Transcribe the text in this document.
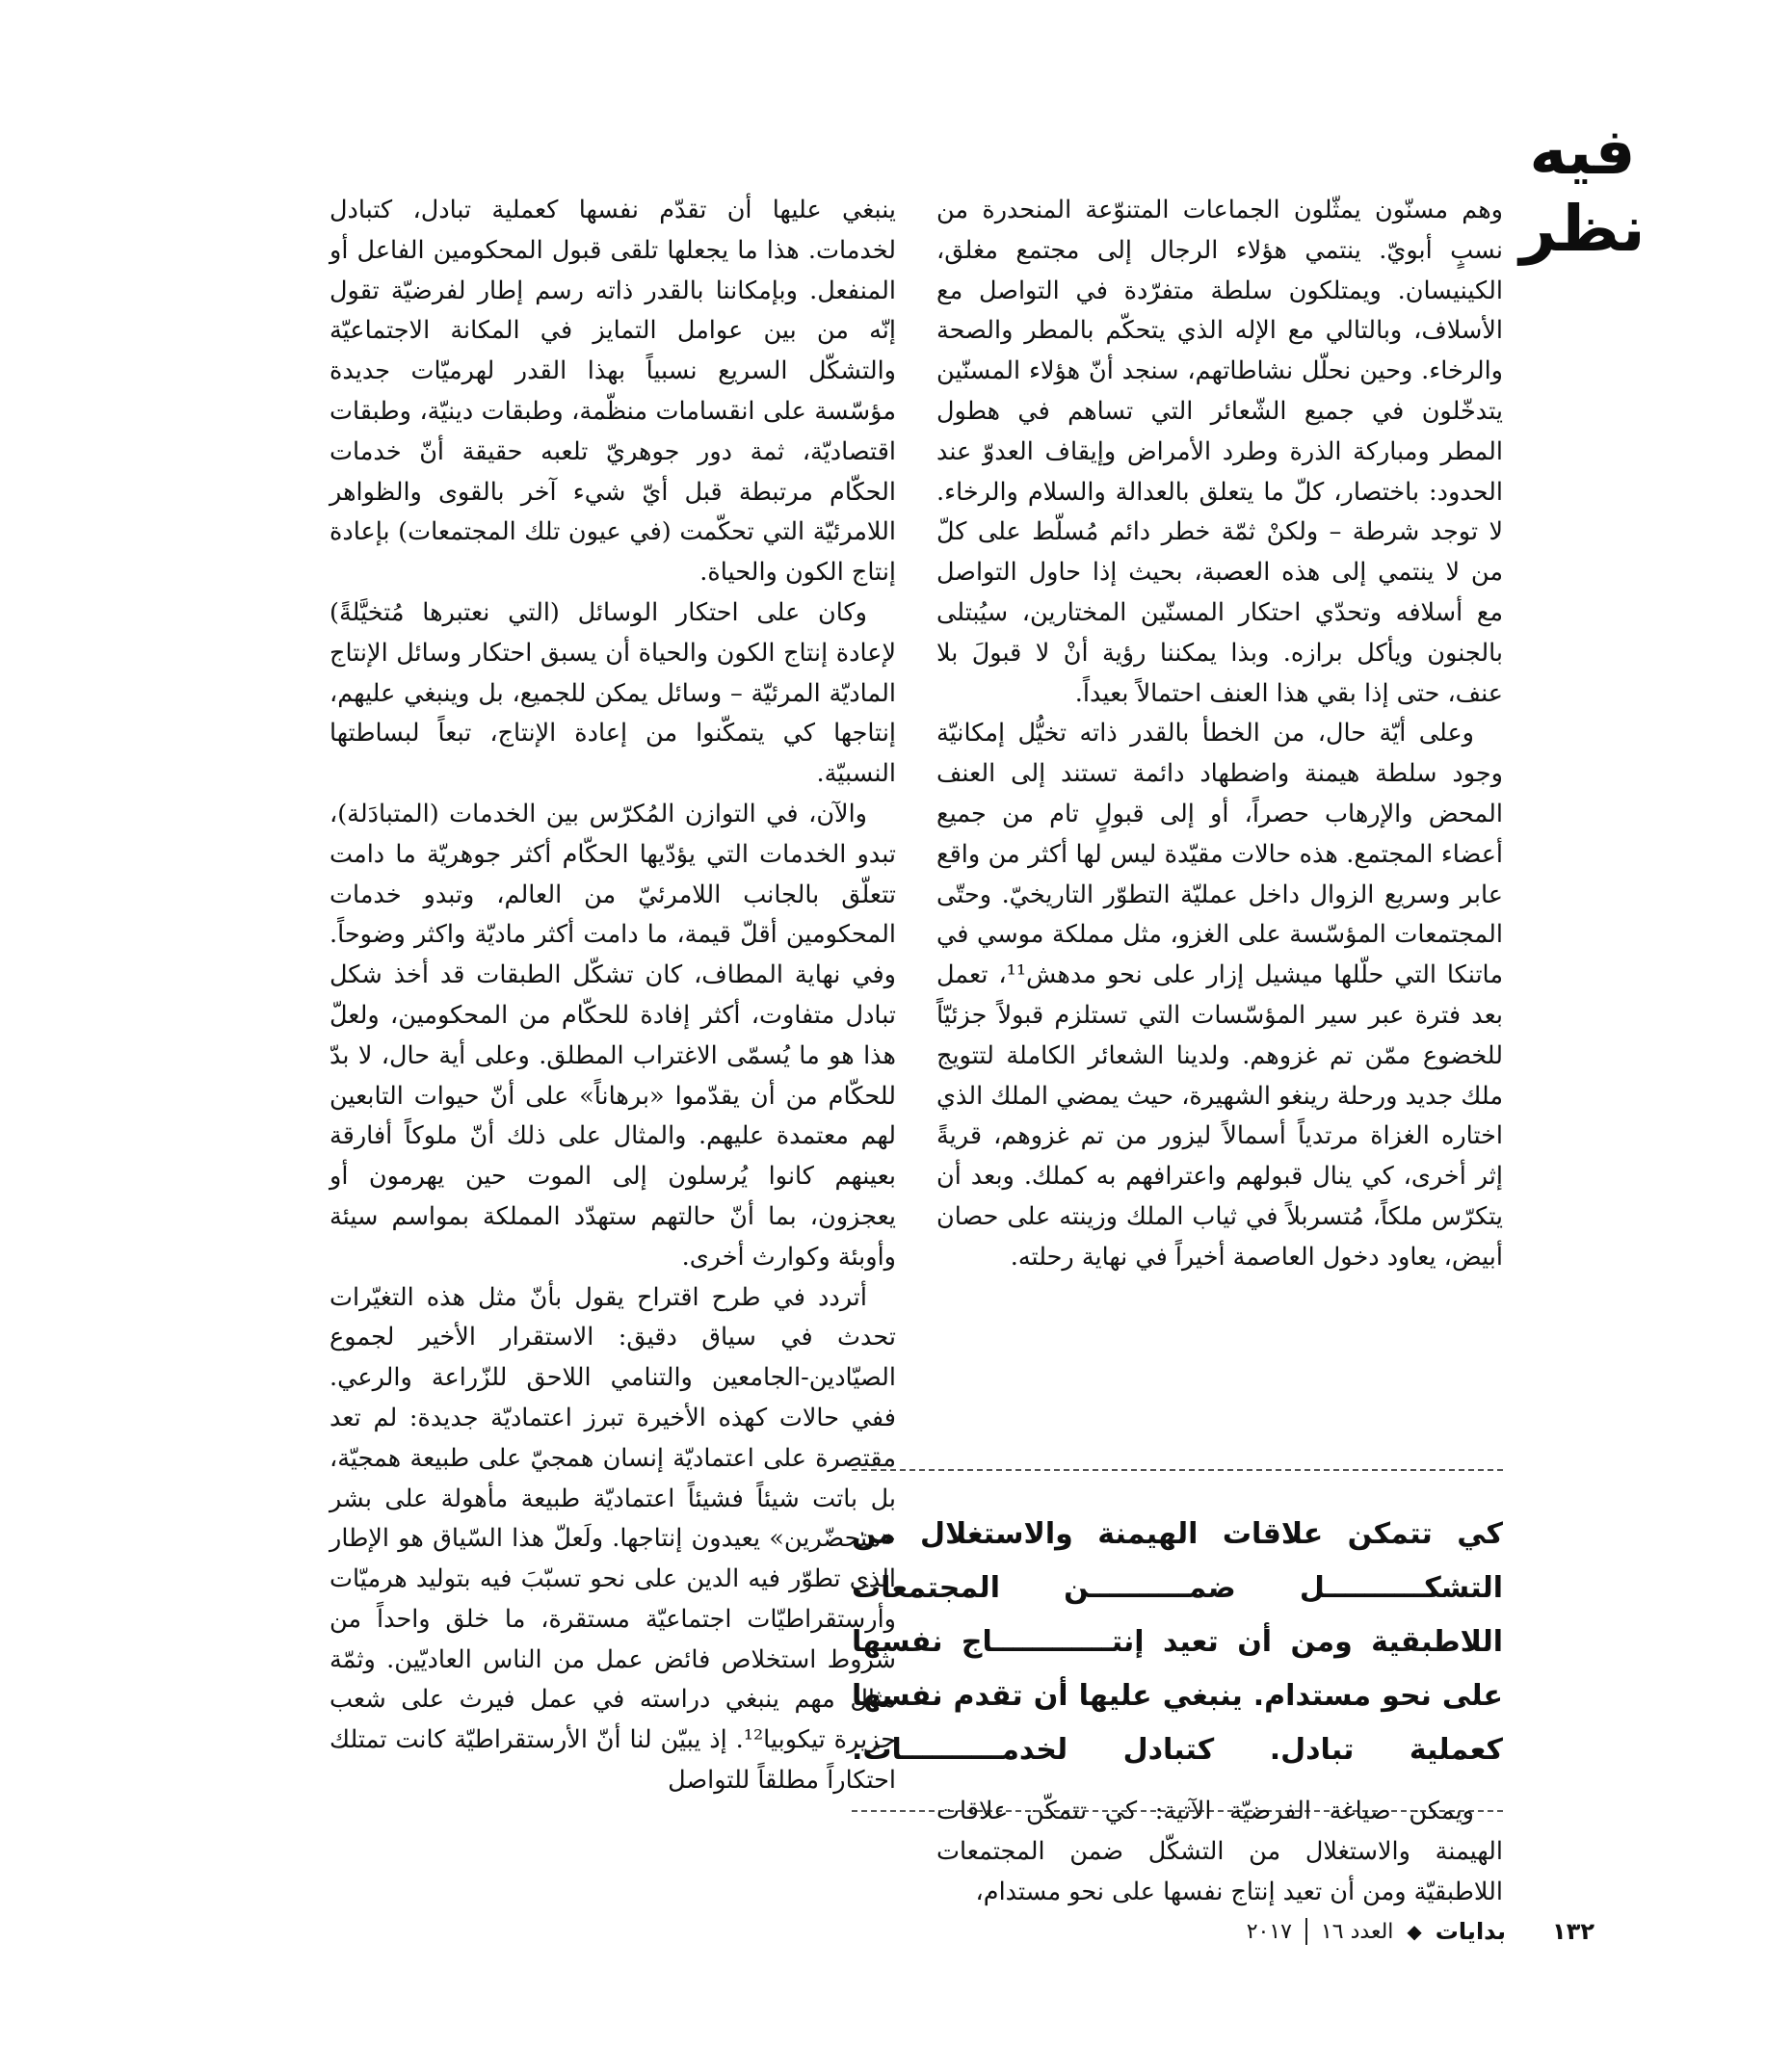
فيه نظر

وهم مسنّون يمثّلون الجماعات المتنوّعة المنحدرة من نسبٍ أبويّ. ينتمي هؤلاء الرجال إلى مجتمع مغلق، الكينيسان. ويمتلكون سلطة متفرّدة في التواصل مع الأسلاف، وبالتالي مع الإله الذي يتحكّم بالمطر والصحة والرخاء. وحين نحلّل نشاطاتهم، سنجد أنّ هؤلاء المسنّين يتدخّلون في جميع الشّعائر التي تساهم في هطول المطر ومباركة الذرة وطرد الأمراض وإيقاف العدوّ عند الحدود: باختصار، كلّ ما يتعلق بالعدالة والسلام والرخاء. لا توجد شرطة – ولكنْ ثمّة خطر دائم مُسلّط على كلّ من لا ينتمي إلى هذه العصبة، بحيث إذا حاول التواصل مع أسلافه وتحدّي احتكار المسنّين المختارين، سيُبتلى بالجنون ويأكل برازه. وبذا يمكننا رؤية أنْ لا قبولَ بلا عنف، حتى إذا بقي هذا العنف احتمالاً بعيداً.

وعلى أيّة حال، من الخطأ بالقدر ذاته تخيُّل إمكانيّة وجود سلطة هيمنة واضطهاد دائمة تستند إلى العنف المحض والإرهاب حصراً، أو إلى قبولٍ تام من جميع أعضاء المجتمع. هذه حالات مقيّدة ليس لها أكثر من واقع عابر وسريع الزوال داخل عمليّة التطوّر التاريخيّ. وحتّى المجتمعات المؤسّسة على الغزو، مثل مملكة موسي في ماتنكا التي حلّلها ميشيل إزار على نحو مدهش¹¹، تعمل بعد فترة عبر سير المؤسّسات التي تستلزم قبولاً جزئيّاً للخضوع ممّن تم غزوهم. ولدينا الشعائر الكاملة لتتويج ملك جديد ورحلة رينغو الشهيرة، حيث يمضي الملك الذي اختاره الغزاة مرتدياً أسمالاً ليزور من تم غزوهم، قريةً إثر أخرى، كي ينال قبولهم واعترافهم به كملك. وبعد أن يتكرّس ملكاً، مُتسربلاً في ثياب الملك وزينته على حصان أبيض، يعاود دخول العاصمة أخيراً في نهاية رحلته.

ينبغي عليها أن تقدّم نفسها كعملية تبادل، كتبادل لخدمات. هذا ما يجعلها تلقى قبول المحكومين الفاعل أو المنفعل. وبإمكاننا بالقدر ذاته رسم إطار لفرضيّة تقول إنّه من بين عوامل التمايز في المكانة الاجتماعيّة والتشكّل السريع نسبياً بهذا القدر لهرميّات جديدة مؤسّسة على انقسامات منظّمة، وطبقات دينيّة، وطبقات اقتصاديّة، ثمة دور جوهريّ تلعبه حقيقة أنّ خدمات الحكّام مرتبطة قبل أيّ شيء آخر بالقوى والظواهر اللامرئيّة التي تحكّمت (في عيون تلك المجتمعات) بإعادة إنتاج الكون والحياة.

وكان على احتكار الوسائل (التي نعتبرها مُتخيَّلةً) لإعادة إنتاج الكون والحياة أن يسبق احتكار وسائل الإنتاج الماديّة المرئيّة – وسائل يمكن للجميع، بل وينبغي عليهم، إنتاجها كي يتمكّنوا من إعادة الإنتاج، تبعاً لبساطتها النسبيّة.

والآن، في التوازن المُكرّس بين الخدمات (المتبادَلة)، تبدو الخدمات التي يؤدّيها الحكّام أكثر جوهريّة ما دامت تتعلّق بالجانب اللامرئيّ من العالم، وتبدو خدمات المحكومين أقلّ قيمة، ما دامت أكثر ماديّة واكثر وضوحاً. وفي نهاية المطاف، كان تشكّل الطبقات قد أخذ شكل تبادل متفاوت، أكثر إفادة للحكّام من المحكومين، ولعلّ هذا هو ما يُسمّى الاغتراب المطلق. وعلى أية حال، لا بدّ للحكّام من أن يقدّموا «برهاناً» على أنّ حيوات التابعين لهم معتمدة عليهم. والمثال على ذلك أنّ ملوكاً أفارقة بعينهم كانوا يُرسلون إلى الموت حين يهرمون أو يعجزون، بما أنّ حالتهم ستهدّد المملكة بمواسم سيئة وأوبئة وكوارث أخرى.

أتردد في طرح اقتراح يقول بأنّ مثل هذه التغيّرات تحدث في سياق دقيق: الاستقرار الأخير لجموع الصيّادين-الجامعين والتنامي اللاحق للزّراعة والرعي. ففي حالات كهذه الأخيرة تبرز اعتماديّة جديدة: لم تعد مقتصرة على اعتماديّة إنسان همجيّ على طبيعة همجيّة، بل باتت شيئاً فشيئاً اعتماديّة طبيعة مأهولة على بشر «متحضّرين» يعيدون إنتاجها. ولَعلّ هذا السّياق هو الإطار الذي تطوّر فيه الدين على نحو تسبّبَ فيه بتوليد هرميّات وأرستقراطيّات اجتماعيّة مستقرة، ما خلق واحداً من شروط استخلاص فائض عمل من الناس العاديّين. وثمّة مثال مهم ينبغي دراسته في عمل فيرث على شعب جزيرة تيكوبيا¹². إذ يبيّن لنا أنّ الأرستقراطيّة كانت تمتلك احتكاراً مطلقاً للتواصل

كي تتمكن علاقات الهيمنة والاستغلال من التشكــــــــــل ضمــــــــــن المجتمعات اللاطبقية ومن أن تعيد إنتــــــــــــاج نفسها على نحو مستدام. ينبغي عليها أن تقدم نفسها كعملية تبادل. كتبادل لخدمــــــــــات.

ويمكن صياغة الفرضيّة الآتية: كي تتمكّن علاقات الهيمنة والاستغلال من التشكّل ضمن المجتمعات اللاطبقيّة ومن أن تعيد إنتاج نفسها على نحو مستدام،

١٣٢
بدايات
◆
العدد ١٦
٢٠١٧
